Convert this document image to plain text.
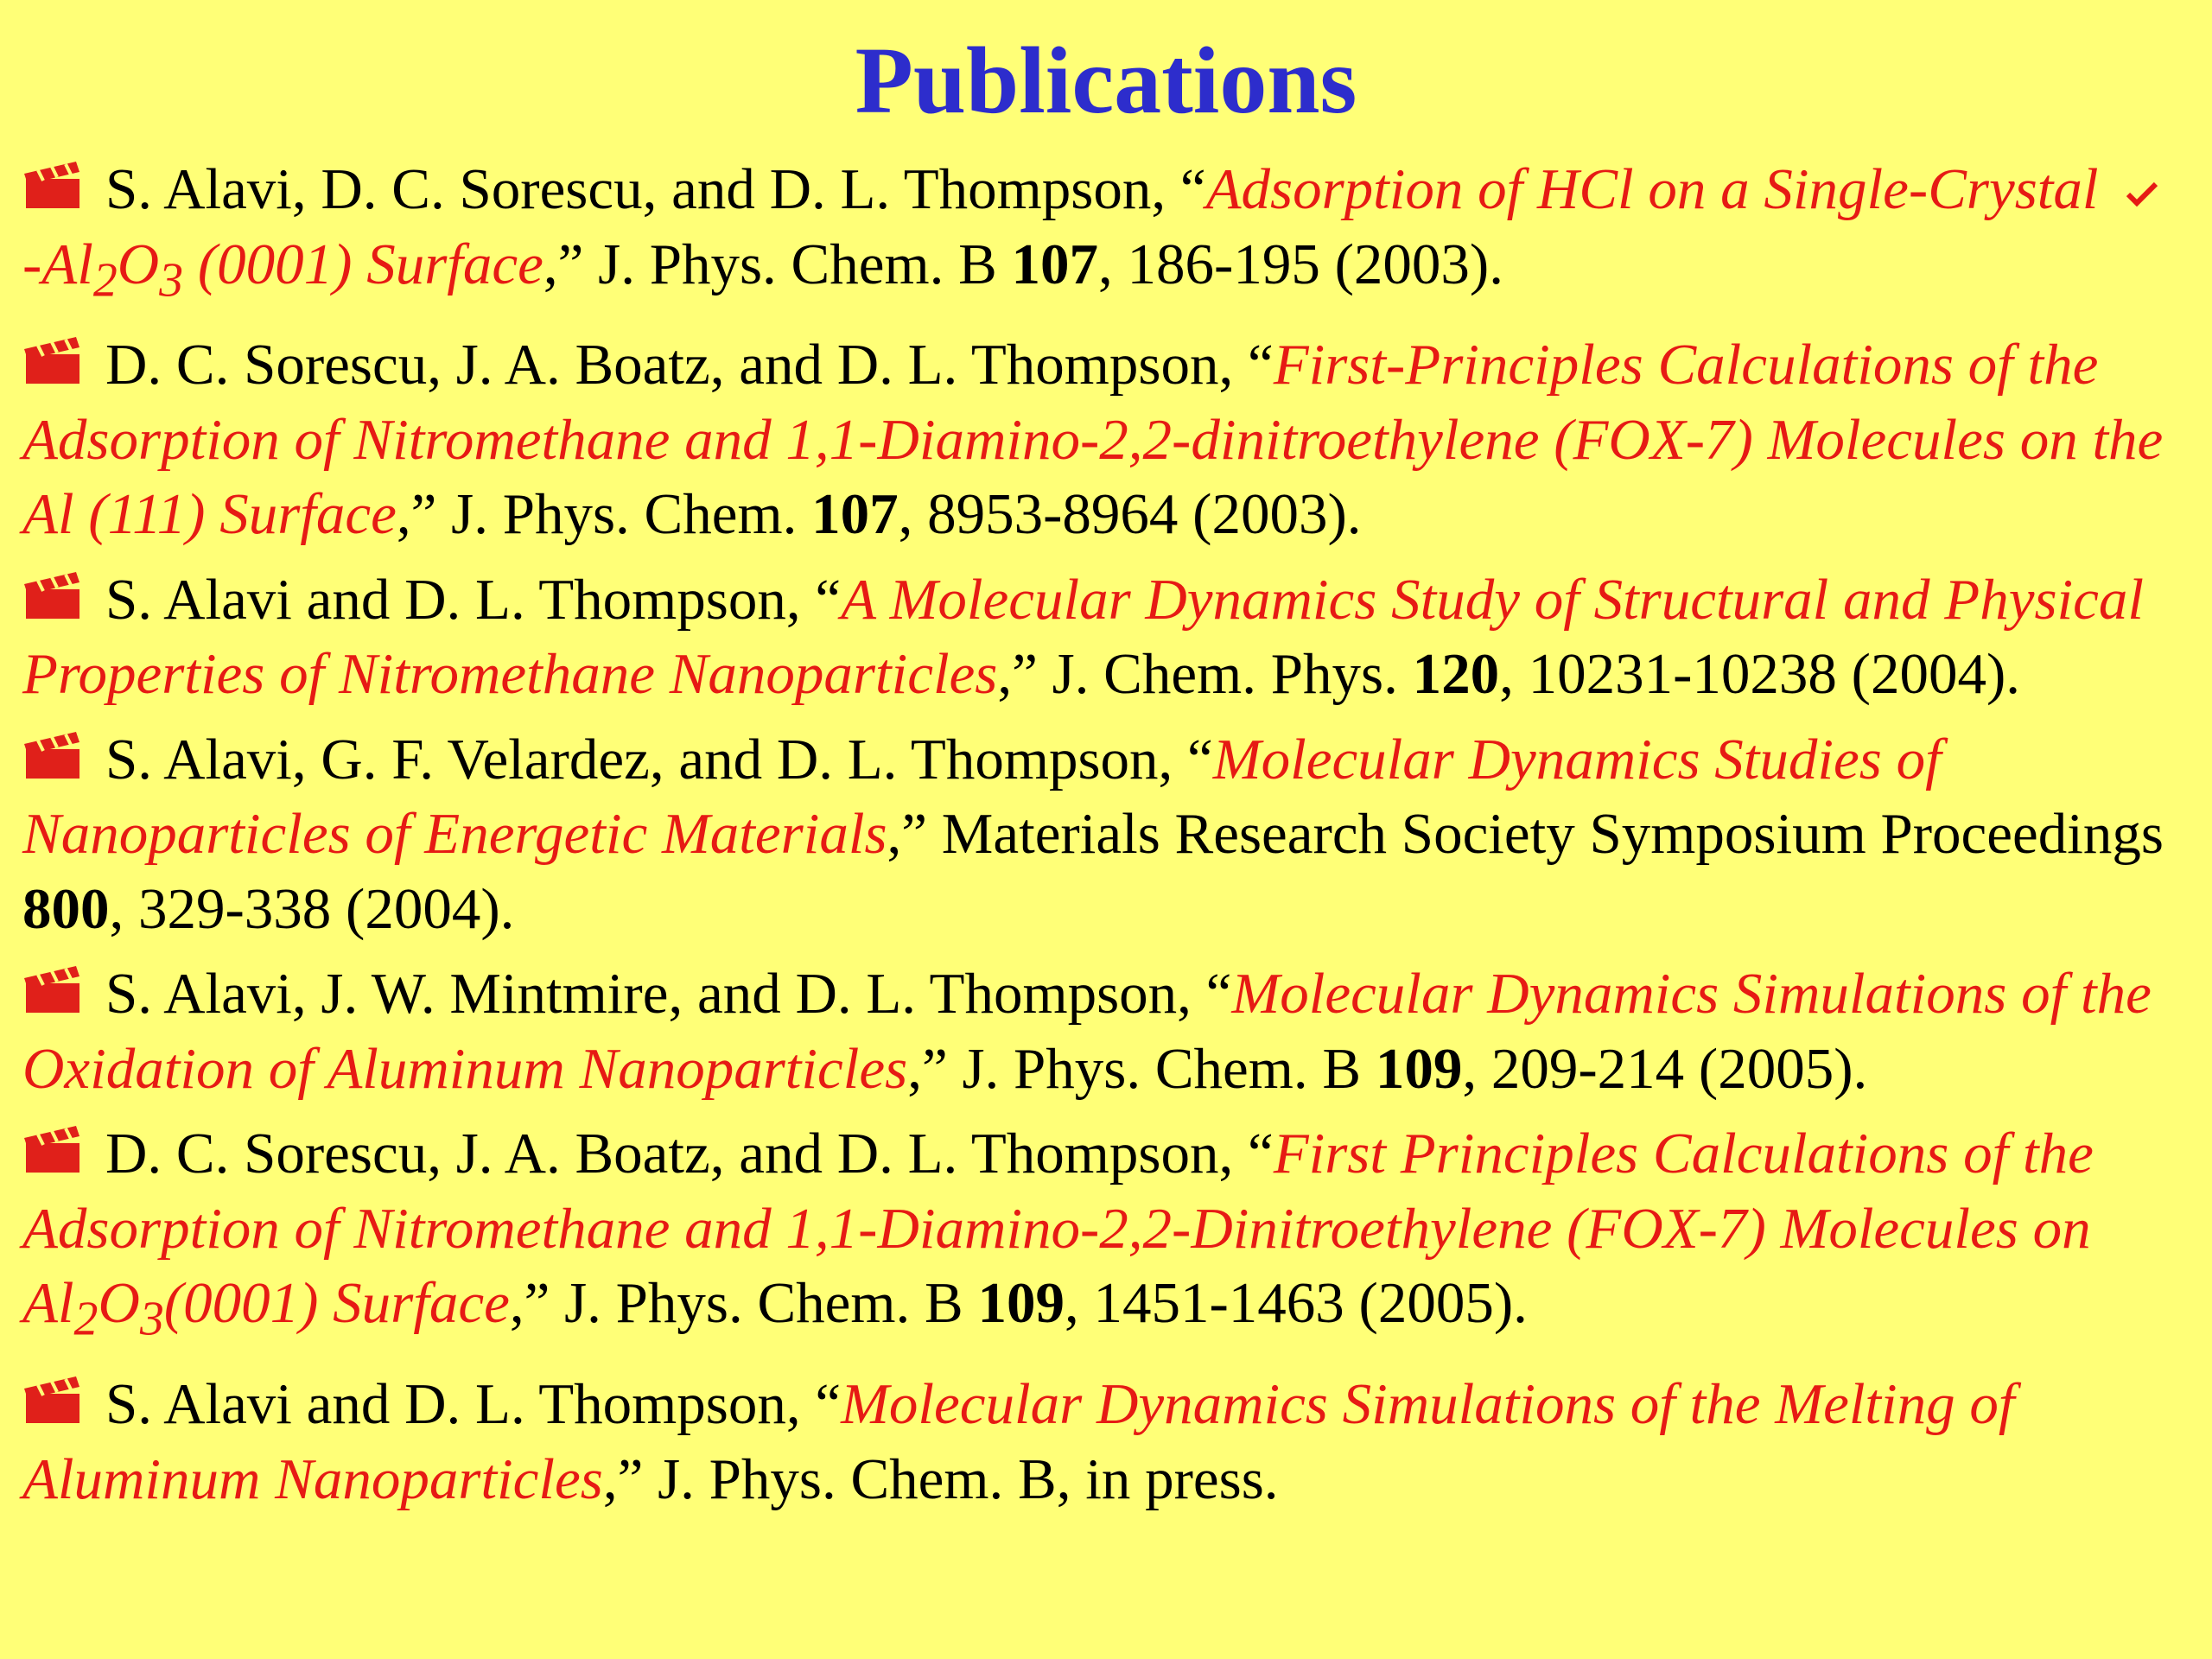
Publications
S. Alavi, D. C. Sorescu, and D. L. Thompson, “Adsorption of HCl on a Single-$Crystal-Al_2O_3$ (0001) Surface,” J. Phys. Chem. B 107, 186-195 (2003).
D. C. Sorescu, J. A. Boatz, and D. L. Thompson, “First-Principles Calculations of the Adsorption of Nitromethane and 1,1-Diamino-2,2-dinitroethylene (FOX-7) Molecules on the Al (111) Surface,” J. Phys. Chem. 107, 8953-8964 (2003).
S. Alavi and D. L. Thompson, “A Molecular Dynamics Study of Structural and Physical Properties of Nitromethane Nanoparticles,” J. Chem. Phys. 120, 10231-10238 (2004).
S. Alavi, G. F. Velardez, and D. L. Thompson, “Molecular Dynamics Studies of Nanoparticles of Energetic Materials,” Materials Research Society Symposium Proceedings 800, 329-338 (2004).
S. Alavi, J. W. Mintmire, and D. L. Thompson, “Molecular Dynamics Simulations of the Oxidation of Aluminum Nanoparticles,” J. Phys. Chem. B 109, 209-214 (2005).
D. C. Sorescu, J. A. Boatz, and D. L. Thompson, “First Principles Calculations of the Adsorption of Nitromethane and 1,1-Diamino-2,2-Dinitroethylene (FOX-7) Molecules on $Al_2O_3(0001)$ Surface,” J. Phys. Chem. B 109, 1451-1463 (2005).
S. Alavi and D. L. Thompson, “Molecular Dynamics Simulations of the Melting of Aluminum Nanoparticles,” J. Phys. Chem. B, in press.
